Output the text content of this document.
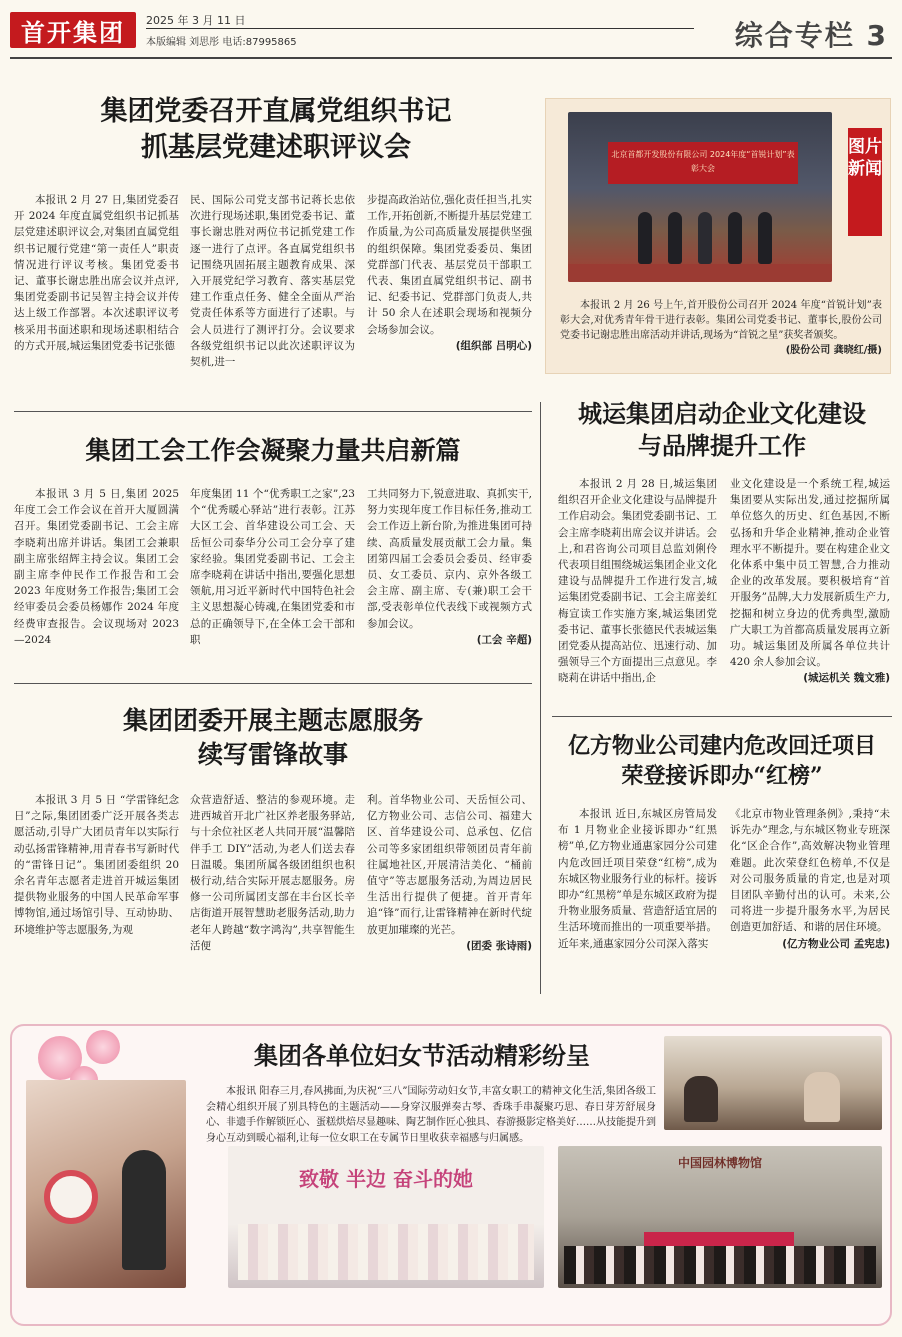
首开集团	2025 年 3 月 11 日
本版编辑 刘思彤 电话:87995865	综合专栏 3
集团党委召开直属党组织书记
抓基层党建述职评议会

本报讯 2 月 27 日,集团党委召开 2024 年度直属党组织书记抓基层党建述职评议会,对集团直属党组织书记履行党建“第一责任人”职责情况进行评议考核。集团党委书记、董事长谢忠胜出席会议并点评,集团党委副书记吴智主持会议并传达上级工作部署。本次述职评议考核采用书面述职和现场述职相结合的方式开展,城运集团党委书记张德

民、国际公司党支部书记蒋长忠依次进行现场述职,集团党委书记、董事长谢忠胜对两位书记抓党建工作逐一进行了点评。各直属党组织书记围绕巩固拓展主题教育成果、深入开展党纪学习教育、落实基层党建工作重点任务、健全全面从严治党责任体系等方面进行了述职。与会人员进行了测评打分。会议要求各级党组织书记以此次述职评议为契机,进一

步提高政治站位,强化责任担当,扎实工作,开拓创新,不断提升基层党建工作质量,为公司高质量发展提供坚强的组织保障。集团党委委员、集团党群部门代表、基层党员干部职工代表、集团直属党组织书记、副书记、纪委书记、党群部门负责人,共计 50 余人在述职会现场和视频分会场参加会议。

(组织部 吕明心)
北京首都开发股份有限公司 2024年度“首锐计划”表彰大会
图片新闻

本报讯 2 月 26 号上午,首开股份公司召开 2024 年度“首锐计划”表彰大会,对优秀青年骨干进行表彰。集团公司党委书记、董事长,股份公司党委书记谢忠胜出席活动并讲话,现场为“首锐之星”获奖者颁奖。

(股份公司 龚晓红/摄)
集团工会工作会凝聚力量共启新篇

本报讯 3 月 5 日,集团 2025 年度工会工作会议在首开大厦圆满召开。集团党委副书记、工会主席李晓莉出席并讲话。集团工会兼职副主席张绍辉主持会议。集团工会副主席李仲民作工作报告和工会 2023 年度财务工作报告;集团工会经审委员会委员杨娜作 2024 年度经费审查报告。会议现场对 2023—2024

年度集团 11 个“优秀职工之家”,23 个“优秀暖心驿站”进行表彰。江苏大区工会、首华建设公司工会、天岳恒公司泰华分公司工会分享了建家经验。集团党委副书记、工会主席李晓莉在讲话中指出,要强化思想领航,用习近平新时代中国特色社会主义思想凝心铸魂,在集团党委和市总的正确领导下,在全体工会干部和职

工共同努力下,锐意进取、真抓实干,努力实现年度工作目标任务,推动工会工作迈上新台阶,为推进集团可持续、高质量发展贡献工会力量。集团第四届工会委员会委员、经审委员、女工委员、京内、京外各级工会主席、副主席、专(兼)职工会干部,受表彰单位代表线下或视频方式参加会议。

(工会 辛超)
城运集团启动企业文化建设
与品牌提升工作

本报讯 2 月 28 日,城运集团组织召开企业文化建设与品牌提升工作启动会。集团党委副书记、工会主席李晓莉出席会议并讲话。会上,和君咨询公司项目总监刘俐伶代表项目组围绕城运集团企业文化建设与品牌提升工作进行发言,城运集团党委副书记、工会主席姜红梅宣读工作实施方案,城运集团党委书记、董事长张德民代表城运集团党委从提高站位、迅速行动、加强领导三个方面提出三点意见。李晓莉在讲话中指出,企

业文化建设是一个系统工程,城运集团要从实际出发,通过挖掘所属单位悠久的历史、红色基因,不断弘扬和升华企业精神,推动企业管理水平不断提升。要在构建企业文化体系中集中员工智慧,合力推动企业的改革发展。要积极培育“首开服务”品牌,大力发展新质生产力,挖掘和树立身边的优秀典型,激励广大职工为首都高质量发展再立新功。城运集团及所属各单位共计 420 余人参加会议。

(城运机关 魏文雅)
集团团委开展主题志愿服务
续写雷锋故事

本报讯 3 月 5 日 “学雷锋纪念日”之际,集团团委广泛开展各类志愿活动,引导广大团员青年以实际行动弘扬雷锋精神,用青春书写新时代的“雷锋日记”。集团团委组织 20 余名青年志愿者走进首开城运集团提供物业服务的中国人民革命军事博物馆,通过场馆引导、互动协助、环境维护等志愿服务,为观

众营造舒适、整洁的参观环境。走进西城首开北广社区养老服务驿站,与十余位社区老人共同开展“温馨陪伴手工 DIY”活动,为老人们送去春日温暖。集团所属各级团组织也积极行动,结合实际开展志愿服务。房修一公司所属团支部在丰台区长辛店街道开展智慧助老服务活动,助力老年人跨越“数字鸿沟”,共享智能生活便

利。首华物业公司、天岳恒公司、亿方物业公司、志信公司、福建大区、首华建设公司、总承包、亿信公司等多家团组织带领团员青年前往属地社区,开展清洁美化、“桶前值守”等志愿服务活动,为周边居民生活出行提供了便捷。首开青年追“锋”而行,让雷锋精神在新时代绽放更加璀璨的光芒。

(团委 张诗雨)
亿方物业公司建内危改回迁项目
荣登接诉即办“红榜”

本报讯 近日,东城区房管局发布 1 月物业企业接诉即办“红黑榜”单,亿方物业通惠家园分公司建内危改回迁项目荣登“红榜”,成为东城区物业服务行业的标杆。接诉即办“红黑榜”单是东城区政府为提升物业服务质量、营造舒适宜居的生活环境而推出的一项重要举措。近年来,通惠家园分公司深入落实

《北京市物业管理条例》,秉持“未诉先办”理念,与东城区物业专班深化“区企合作”,高效解决物业管理难题。此次荣登红色榜单,不仅是对公司服务质量的肯定,也是对项目团队辛勤付出的认可。未来,公司将进一步提升服务水平,为居民创造更加舒适、和谐的居住环境。

(亿方物业公司 孟宪忠)
集团各单位妇女节活动精彩纷呈

本报讯 阳春三月,春风拂面,为庆祝“三八”国际劳动妇女节,丰富女职工的精神文化生活,集团各级工会精心组织开展了别具特色的主题活动——身穿汉服弹奏古琴、香珠手串凝聚巧思、春日芽芳舒展身心、非遗手作解锁匠心、蛋糕烘焙尽显趣味、陶艺制作匠心独具、春游摄影定格美好……从技能提升到身心互动到暖心福利,让每一位女职工在专属节日里收获幸福感与归属感。

致敬 半边 奋斗的她
中国园林博物馆
